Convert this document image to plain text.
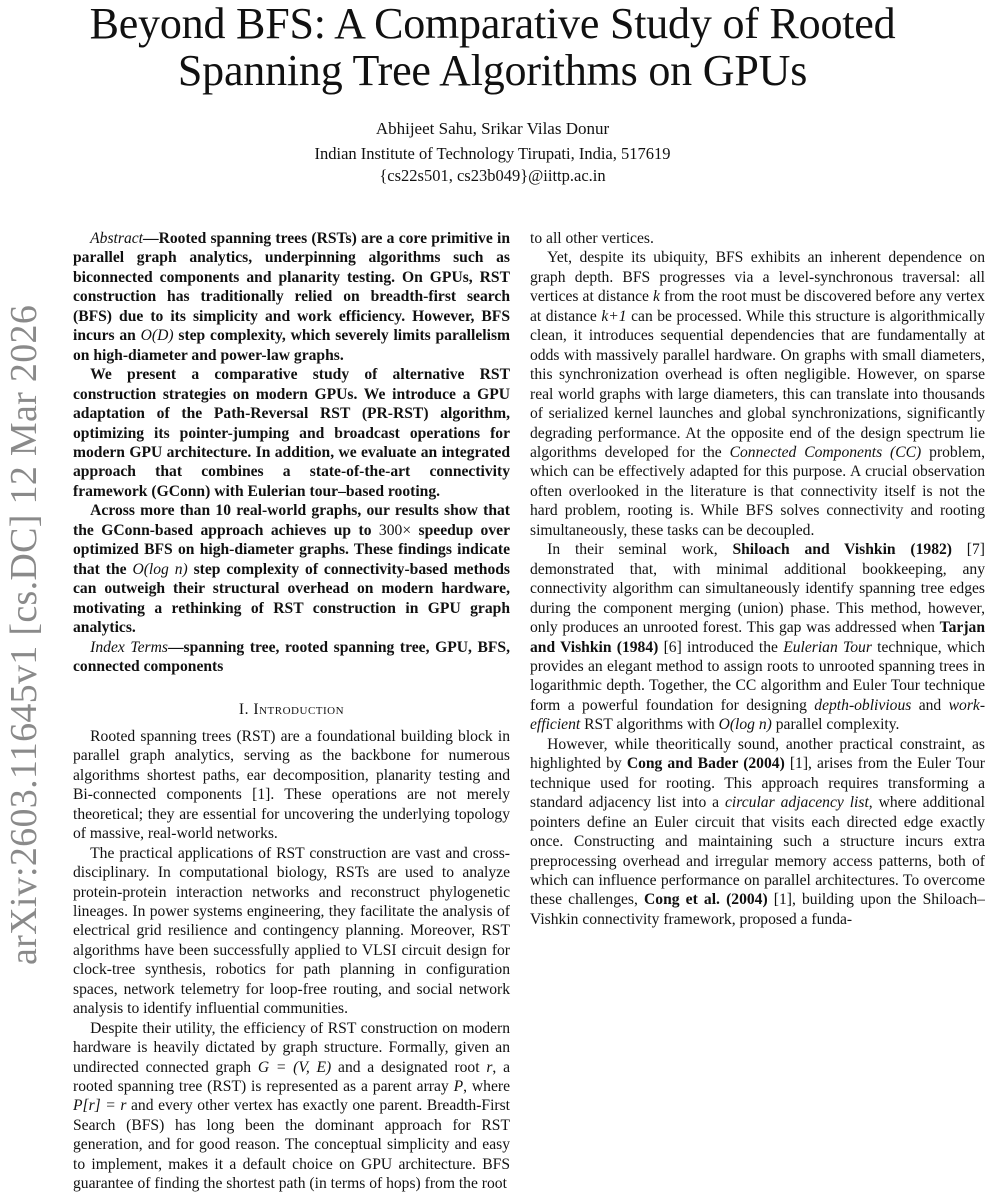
Beyond BFS: A Comparative Study of Rooted
Spanning Tree Algorithms on GPUs
Abhijeet Sahu, Srikar Vilas Donur
Indian Institute of Technology Tirupati, India, 517619
{cs22s501, cs23b049}@iittp.ac.in
arXiv:2603.11645v1 [cs.DC] 12 Mar 2026

Abstract—Rooted spanning trees (RSTs) are a core primitive in parallel graph analytics, underpinning algorithms such as biconnected components and planarity testing. On GPUs, RST construction has traditionally relied on breadth-first search (BFS) due to its simplicity and work efficiency. However, BFS incurs an O(D) step complexity, which severely limits parallelism on high-diameter and power-law graphs.

We present a comparative study of alternative RST construction strategies on modern GPUs. We introduce a GPU adaptation of the Path-Reversal RST (PR-RST) algorithm, optimizing its pointer-jumping and broadcast operations for modern GPU architecture. In addition, we evaluate an integrated approach that combines a state-of-the-art connectivity framework (GConn) with Eulerian tour–based rooting.

Across more than 10 real-world graphs, our results show that the GConn-based approach achieves up to 300× speedup over optimized BFS on high-diameter graphs. These findings indicate that the O(log n) step complexity of connectivity-based methods can outweigh their structural overhead on modern hardware, motivating a rethinking of RST construction in GPU graph analytics.

Index Terms—spanning tree, rooted spanning tree, GPU, BFS, connected components

I. Introduction

Rooted spanning trees (RST) are a foundational building block in parallel graph analytics, serving as the backbone for numerous algorithms shortest paths, ear decomposition, planarity testing and Bi-connected components [1]. These operations are not merely theoretical; they are essential for uncovering the underlying topology of massive, real-world networks.

The practical applications of RST construction are vast and cross-disciplinary. In computational biology, RSTs are used to analyze protein-protein interaction networks and reconstruct phylogenetic lineages. In power systems engineering, they facilitate the analysis of electrical grid resilience and contingency planning. Moreover, RST algorithms have been successfully applied to VLSI circuit design for clock-tree synthesis, robotics for path planning in configuration spaces, network telemetry for loop-free routing, and social network analysis to identify influential communities.

Despite their utility, the efficiency of RST construction on modern hardware is heavily dictated by graph structure. Formally, given an undirected connected graph G = (V, E) and a designated root r, a rooted spanning tree (RST) is represented as a parent array P, where P[r] = r and every other vertex has exactly one parent. Breadth-First Search (BFS) has long been the dominant approach for RST generation, and for good reason. The conceptual simplicity and easy to implement, makes it a default choice on GPU architecture. BFS guarantee of finding the shortest path (in terms of hops) from the root

to all other vertices.

Yet, despite its ubiquity, BFS exhibits an inherent dependence on graph depth. BFS progresses via a level-synchronous traversal: all vertices at distance k from the root must be discovered before any vertex at distance k+1 can be processed. While this structure is algorithmically clean, it introduces sequential dependencies that are fundamentally at odds with massively parallel hardware. On graphs with small diameters, this synchronization overhead is often negligible. However, on sparse real world graphs with large diameters, this can translate into thousands of serialized kernel launches and global synchronizations, significantly degrading performance. At the opposite end of the design spectrum lie algorithms developed for the Connected Components (CC) problem, which can be effectively adapted for this purpose. A crucial observation often overlooked in the literature is that connectivity itself is not the hard problem, rooting is. While BFS solves connectivity and rooting simultaneously, these tasks can be decoupled.

In their seminal work, Shiloach and Vishkin (1982) [7] demonstrated that, with minimal additional bookkeeping, any connectivity algorithm can simultaneously identify spanning tree edges during the component merging (union) phase. This method, however, only produces an unrooted forest. This gap was addressed when Tarjan and Vishkin (1984) [6] introduced the Eulerian Tour technique, which provides an elegant method to assign roots to unrooted spanning trees in logarithmic depth. Together, the CC algorithm and Euler Tour technique form a powerful foundation for designing depth-oblivious and work-efficient RST algorithms with O(log n) parallel complexity.

However, while theoritically sound, another practical constraint, as highlighted by Cong and Bader (2004) [1], arises from the Euler Tour technique used for rooting. This approach requires transforming a standard adjacency list into a circular adjacency list, where additional pointers define an Euler circuit that visits each directed edge exactly once. Constructing and maintaining such a structure incurs extra preprocessing overhead and irregular memory access patterns, both of which can influence performance on parallel architectures. To overcome these challenges, Cong et al. (2004) [1], building upon the Shiloach–Vishkin connectivity framework, proposed a funda-
